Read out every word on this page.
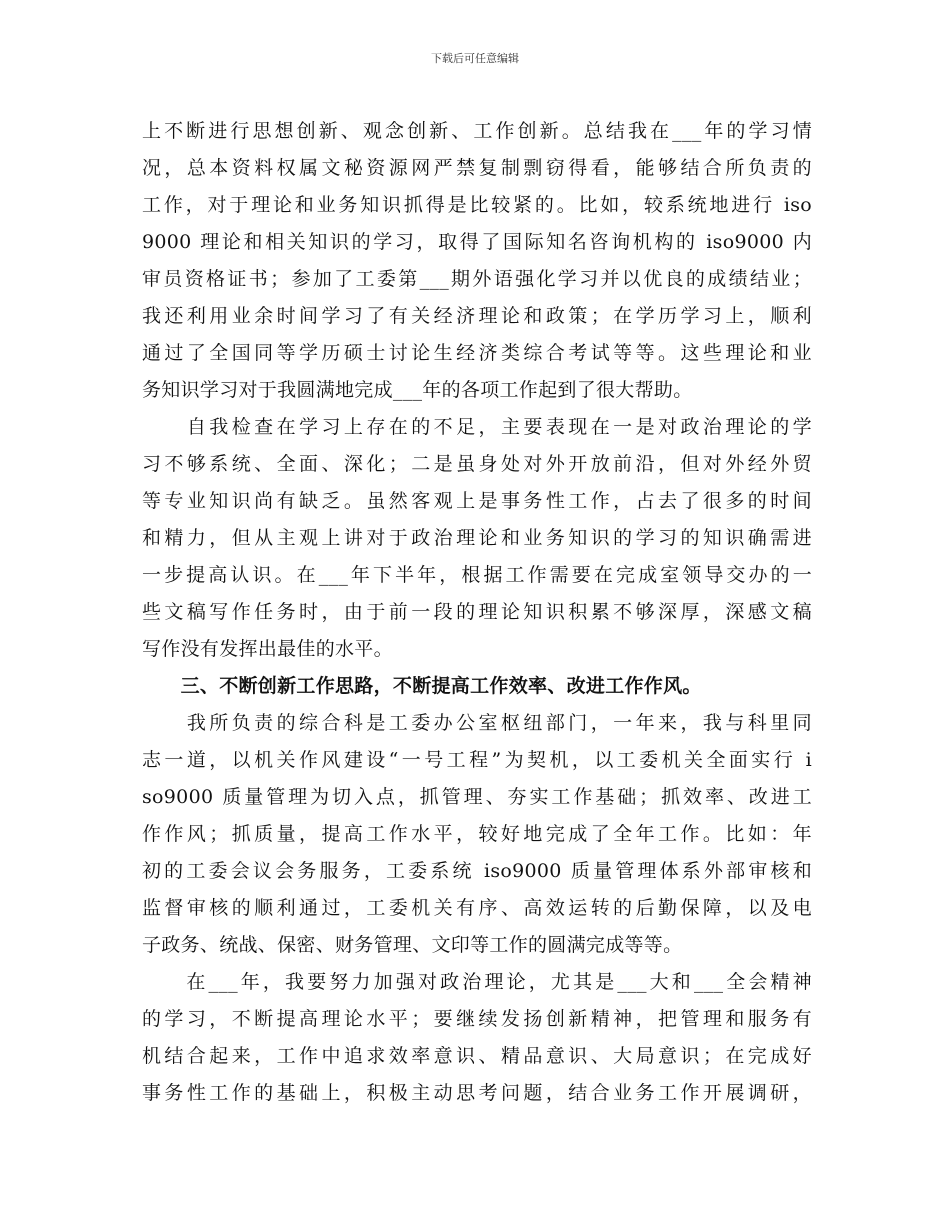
下载后可任意编辑
上不断进行思想创新、观念创新、工作创新。总结我在___年的学习情
况，总本资料权属文秘资源网严禁复制剽窃得看，能够结合所负责的
工作，对于理论和业务知识抓得是比较紧的。比如，较系统地进行 iso
9000 理论和相关知识的学习，取得了国际知名咨询机构的 iso9000 内
审员资格证书；参加了工委第___期外语强化学习并以优良的成绩结业；
我还利用业余时间学习了有关经济理论和政策；在学历学习上，顺利
通过了全国同等学历硕士讨论生经济类综合考试等等。这些理论和业
务知识学习对于我圆满地完成___年的各项工作起到了很大帮助。
　　自我检查在学习上存在的不足，主要表现在一是对政治理论的学
习不够系统、全面、深化；二是虽身处对外开放前沿，但对外经外贸
等专业知识尚有缺乏。虽然客观上是事务性工作，占去了很多的时间
和精力，但从主观上讲对于政治理论和业务知识的学习的知识确需进
一步提高认识。在___年下半年，根据工作需要在完成室领导交办的一
些文稿写作任务时，由于前一段的理论知识积累不够深厚，深感文稿
写作没有发挥出最佳的水平。
　　三、不断创新工作思路，不断提高工作效率、改进工作作风。
　　我所负责的综合科是工委办公室枢纽部门，一年来，我与科里同
志一道，以机关作风建设“一号工程”为契机，以工委机关全面实行 i
so9000 质量管理为切入点，抓管理、夯实工作基础；抓效率、改进工
作作风；抓质量，提高工作水平，较好地完成了全年工作。比如：年
初的工委会议会务服务，工委系统 iso9000 质量管理体系外部审核和
监督审核的顺利通过，工委机关有序、高效运转的后勤保障，以及电
子政务、统战、保密、财务管理、文印等工作的圆满完成等等。
　　在___年，我要努力加强对政治理论，尤其是___大和___全会精神
的学习，不断提高理论水平；要继续发扬创新精神，把管理和服务有
机结合起来，工作中追求效率意识、精品意识、大局意识；在完成好
事务性工作的基础上，积极主动思考问题，结合业务工作开展调研，
